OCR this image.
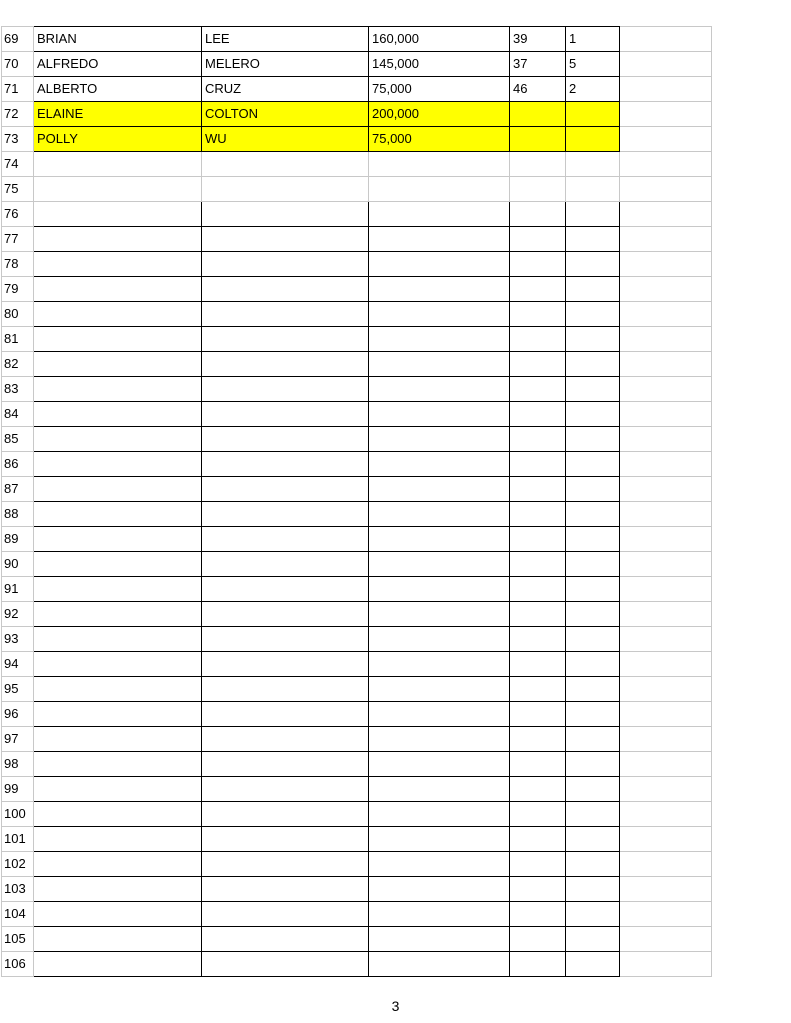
69	BRIAN	LEE	160,000	39	1	
70	ALFREDO	MELERO	145,000	37	5	
71	ALBERTO	CRUZ	75,000	46	2	
72	ELAINE	COLTON	200,000			
73	POLLY	WU	75,000			
74						
75						
76						
77						
78						
79						
80						
81						
82						
83						
84						
85						
86						
87						
88						
89						
90						
91						
92						
93						
94						
95						
96						
97						
98						
99						
100						
101						
102						
103						
104						
105						
106						
3
